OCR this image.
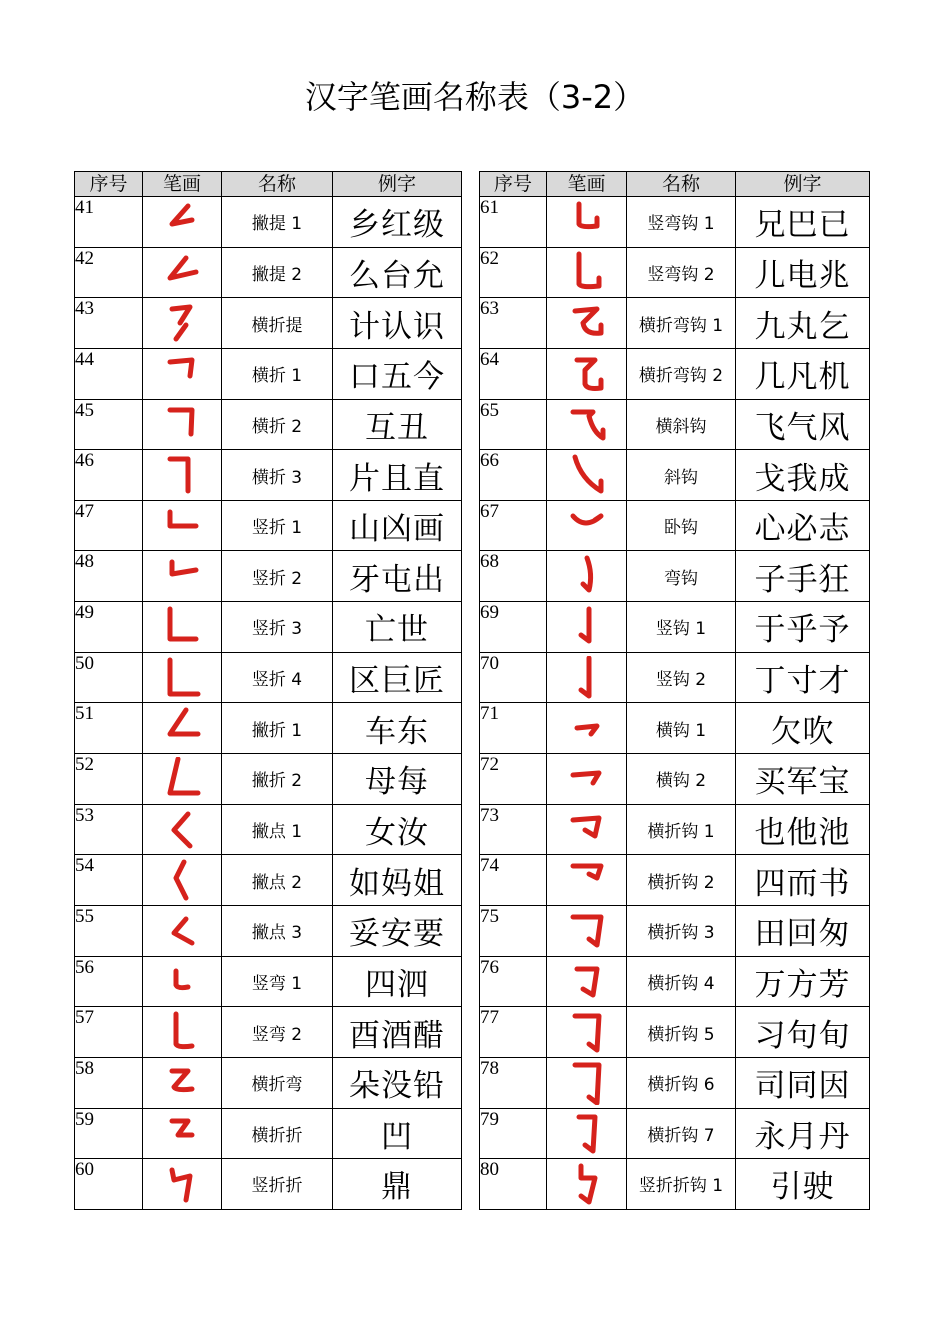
汉字笔画名称表（3-2）
序号	笔画	名称	例字
41		撇提 1	乡红级
42		撇提 2	么台允
43		横折提	计认识
44		横折 1	口五今
45		横折 2	互丑
46		横折 3	片且直
47		竖折 1	山凶画
48		竖折 2	牙屯出
49		竖折 3	亡世
50		竖折 4	区巨匠
51		撇折 1	车东
52		撇折 2	母每
53		撇点 1	女汝
54		撇点 2	如妈姐
55		撇点 3	妥安要
56		竖弯 1	四泗
57		竖弯 2	酉酒醋
58		横折弯	朵没铅
59		横折折	凹
60		竖折折	鼎
序号	笔画	名称	例字
61		竖弯钩 1	兄巴已
62		竖弯钩 2	儿电兆
63		横折弯钩 1	九丸乞
64		横折弯钩 2	几凡机
65		横斜钩	飞气风
66		斜钩	戈我成
67		卧钩	心必志
68		弯钩	子手狂
69		竖钩 1	于乎予
70		竖钩 2	丁寸才
71		横钩 1	欠吹
72		横钩 2	买军宝
73		横折钩 1	也他池
74		横折钩 2	四而书
75		横折钩 3	田回匆
76		横折钩 4	万方芳
77		横折钩 5	习句旬
78		横折钩 6	司同因
79		横折钩 7	永月丹
80		竖折折钩 1	引驶
